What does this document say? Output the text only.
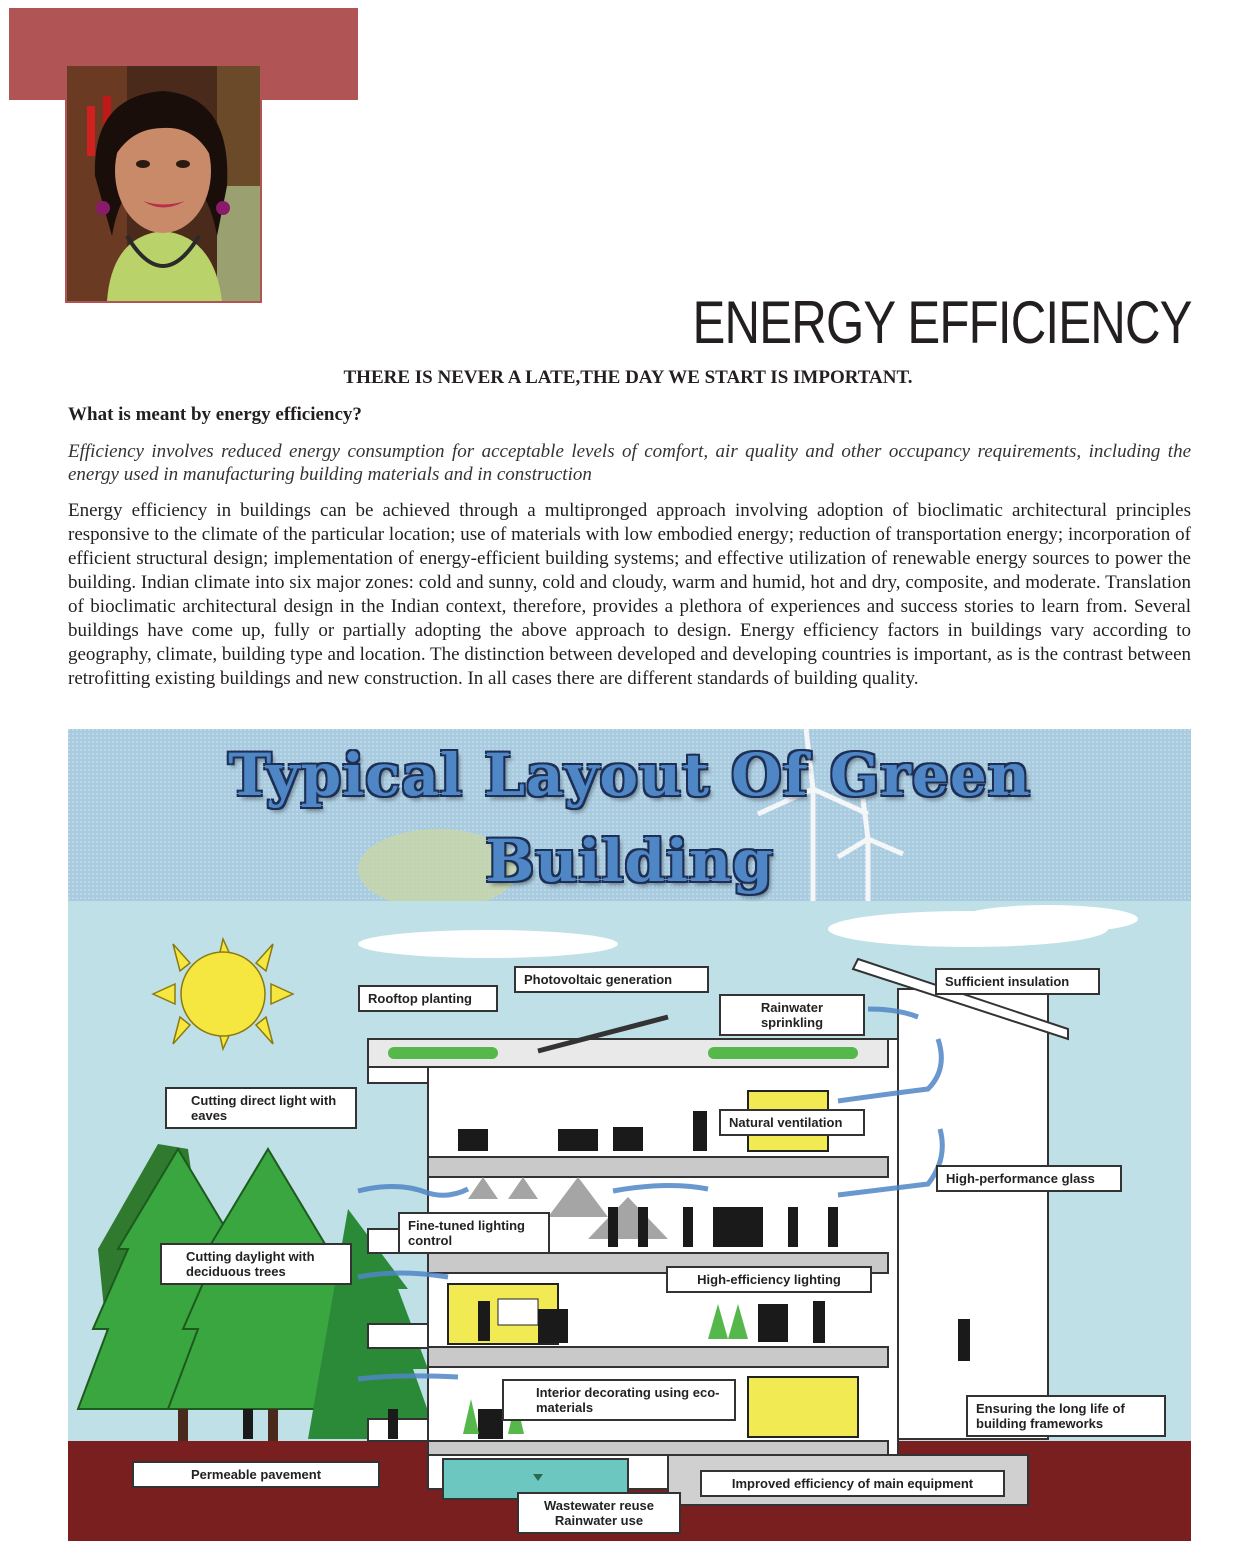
ENERGY EFFICIENCY
THERE IS NEVER A LATE,THE DAY WE START IS IMPORTANT.
What is meant by energy efficiency?
Efficiency involves reduced energy consumption for acceptable levels of comfort, air quality and other occupancy requirements, including the energy used in manufacturing building materials and in construction
Energy efficiency in buildings can be achieved through a multipronged approach involving adoption of bioclimatic architectural principles responsive to the climate of the particular location; use of materials with low embodied energy; reduction of transportation energy; incorporation of efficient structural design; implementation of energy-efficient building systems; and effective utilization of renewable energy sources to power the building. Indian climate into six major zones: cold and sunny, cold and cloudy, warm and humid, hot and dry, composite, and moderate. Translation of bioclimatic architectural design in the Indian context, therefore, provides a plethora of experiences and success stories to learn from. Several buildings have come up, fully or partially adopting the above approach to design. Energy efficiency factors in buildings vary according to geography, climate, building type and location. The distinction between developed and developing countries is important, as is the contrast between retrofitting existing buildings and new construction. In all cases there are different standards of building quality.
Typical Layout Of Green
Building
Rooftop planting
Photovoltaic generation
Rainwater sprinkling
Sufficient insulation
Cutting direct light with eaves	Natural ventilation
High-performance glass
Fine-tuned lighting control
Cutting daylight with deciduous trees
High-efficiency lighting
Interior decorating using eco-materials	Ensuring the long life of building frameworks
Permeable pavement
Improved efficiency of main equipment
Wastewater reuse Rainwater use
